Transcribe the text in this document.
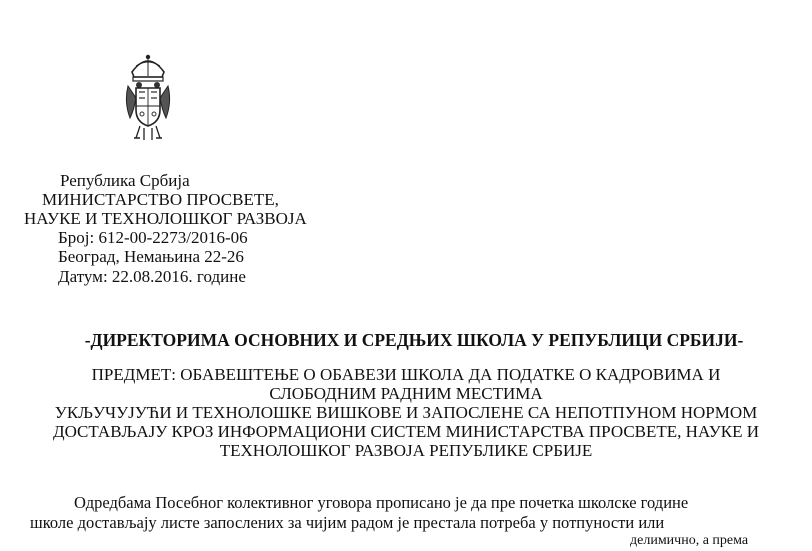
Република Србија
МИНИСТАРСТВО ПРОСВЕТЕ,
НАУКЕ И ТЕХНОЛОШКОГ РАЗВОЈА
Број: 612-00-2273/2016-06
Београд, Немањина 22-26
Датум: 22.08.2016. године
-ДИРЕКТОРИМА ОСНОВНИХ И СРЕДЊИХ ШКОЛА У РЕПУБЛИЦИ СРБИЈИ-
ПРЕДМЕТ: ОБАВЕШТЕЊЕ О ОБАВЕЗИ ШКОЛА ДА ПОДАТКЕ О КАДРОВИМА И
СЛОБОДНИМ РАДНИМ МЕСТИМА
УКЉУЧУЈУЋИ И ТЕХНОЛОШКЕ ВИШКОВЕ И ЗАПОСЛЕНЕ СА НЕПОТПУНОМ НОРМОМ
ДОСТАВЉАЈУ КРОЗ ИНФОРМАЦИОНИ СИСТЕМ МИНИСТАРСТВА ПРОСВЕТЕ, НАУКЕ И
ТЕХНОЛОШКОГ РАЗВОЈА РЕПУБЛИКЕ СРБИЈЕ
Одредбама Посебног колективног уговора прописано је да пре почетка школске године
школе достављају листе запослених за чијим радом је престала потреба у потпуности или
делимично, а према
